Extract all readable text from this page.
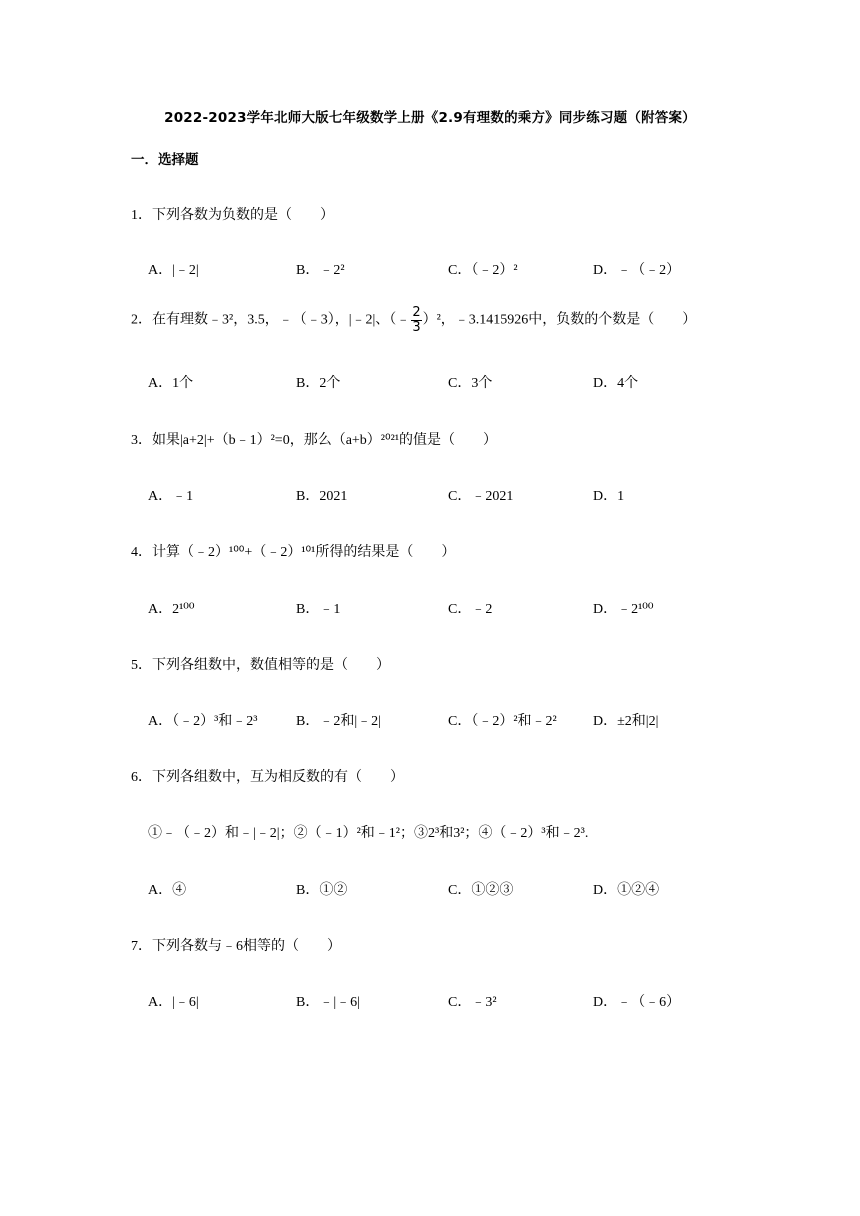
2022-2023学年北师大版七年级数学上册《2.9有理数的乘方》同步练习题（附答案）
一．选择题
1．下列各数为负数的是（　　）
A．|﹣2|	B．﹣2²	C．（﹣2）²	D．﹣（﹣2）
2．在有理数﹣3²，3.5，﹣（﹣3），|﹣2|、（﹣ $\frac{2}{3} )^2$，﹣3.1415926中，负数的个数是（　　）
A．1个	B．2个	C．3个	D．4个
3．如果|a+2|+（b﹣1）²=0，那么（a+b）²⁰²¹的值是（　　）
A．﹣1	B．2021	C．﹣2021	D．1
4．计算（﹣2）¹⁰⁰+（﹣2）¹⁰¹所得的结果是（　　）
A．2¹⁰⁰	B．﹣1	C．﹣2	D．﹣2¹⁰⁰
5．下列各组数中，数值相等的是（　　）
A．（﹣2）³和﹣2³	B．﹣2和|﹣2|	C．（﹣2）²和﹣2²	D．±2和|2|
6．下列各组数中，互为相反数的有（　　）
①﹣（﹣2）和﹣|﹣2|；②（﹣1）²和﹣1²；③2³和3²；④（﹣2）³和﹣2³.
A．④	B．①②	C．①②③	D．①②④
7．下列各数与﹣6相等的（　　）
A．|﹣6|	B．﹣|﹣6|	C．﹣3²	D．﹣（﹣6）
